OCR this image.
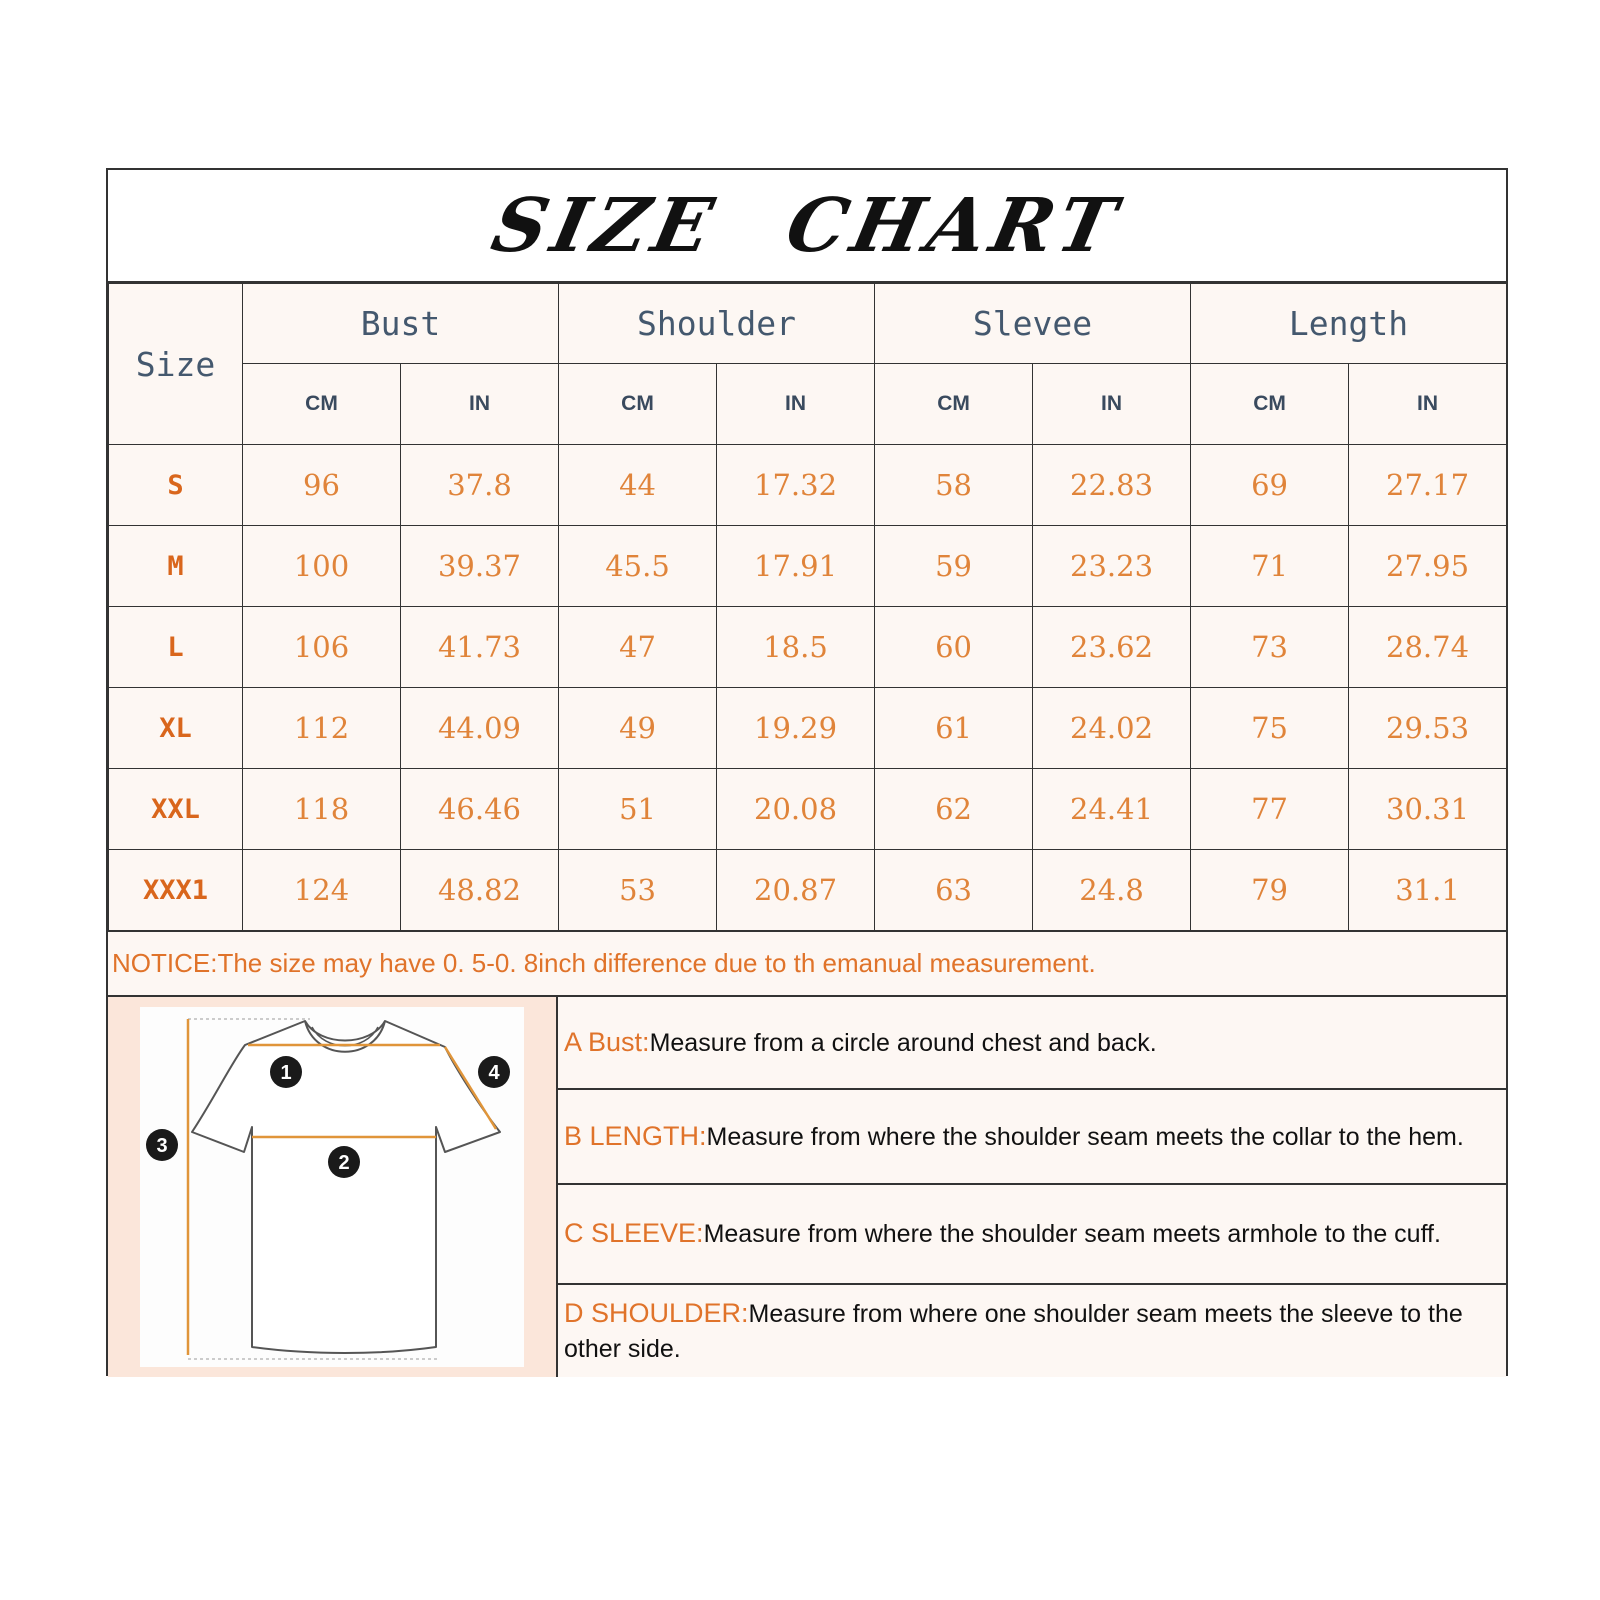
SIZE CHART
Size	Bust		Shoulder		Slevee		Length	
	CM	IN	CM	IN	CM	IN	CM	IN
S	96	37.8	44	17.32	58	22.83	69	27.17
M	100	39.37	45.5	17.91	59	23.23	71	27.95
L	106	41.73	47	18.5	60	23.62	73	28.74
XL	112	44.09	49	19.29	61	24.02	75	29.53
XXL	118	46.46	51	20.08	62	24.41	77	30.31
XXX1	124	48.82	53	20.87	63	24.8	79	31.1
NOTICE:The size may have 0. 5-0. 8inch difference due to th emanual measurement.
1
2
3
4
A Bust:Measure from a circle around chest and back.
B LENGTH:Measure from where the shoulder seam meets the collar to the hem.
C SLEEVE:Measure from where the shoulder seam meets armhole to the cuff.
D SHOULDER:Measure from where one shoulder seam meets the sleeve to the other side.
